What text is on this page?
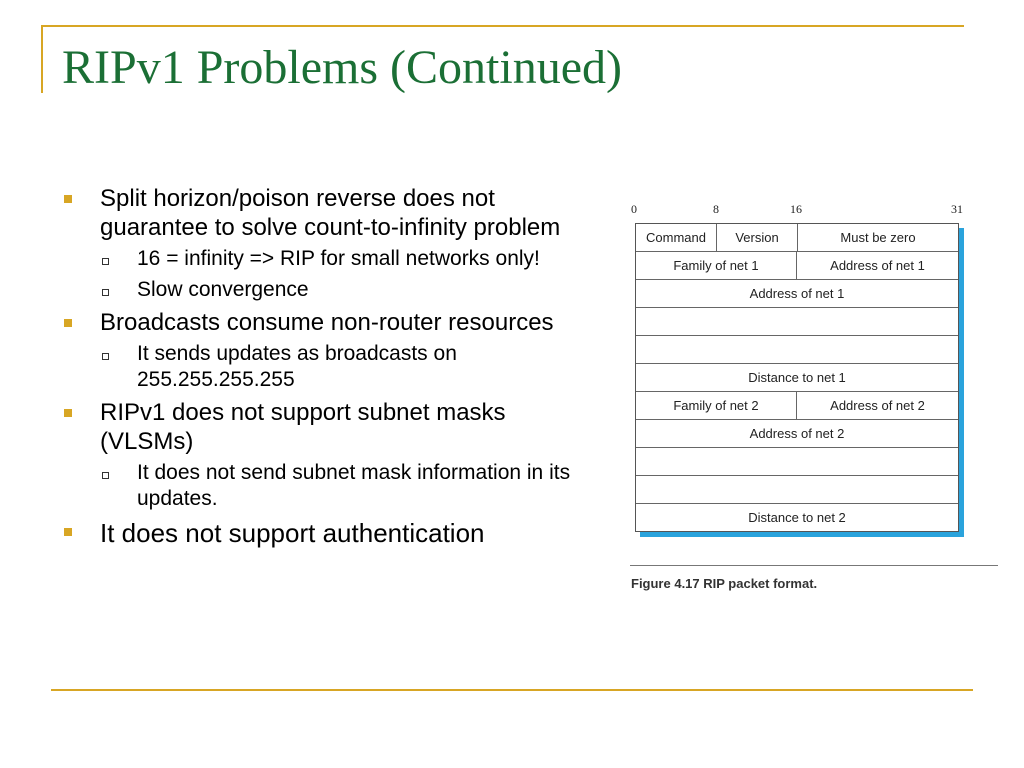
RIPv1 Problems (Continued)
Split horizon/poison reverse does not guarantee to solve count-to-infinity problem
16 = infinity => RIP for small networks only!
Slow convergence
Broadcasts consume non-router resources
It sends updates as broadcasts on 255.255.255.255
RIPv1 does not support subnet masks (VLSMs)
It does not send subnet mask information in its updates.
It does not support authentication
0	8	16	31
Command	Version	Must be zero
Family of net 1	Address of net 1
Address of net 1
Distance to net 1
Family of net 2	Address of net 2
Address of net 2
Distance to net 2
Figure 4.17 RIP packet format.
